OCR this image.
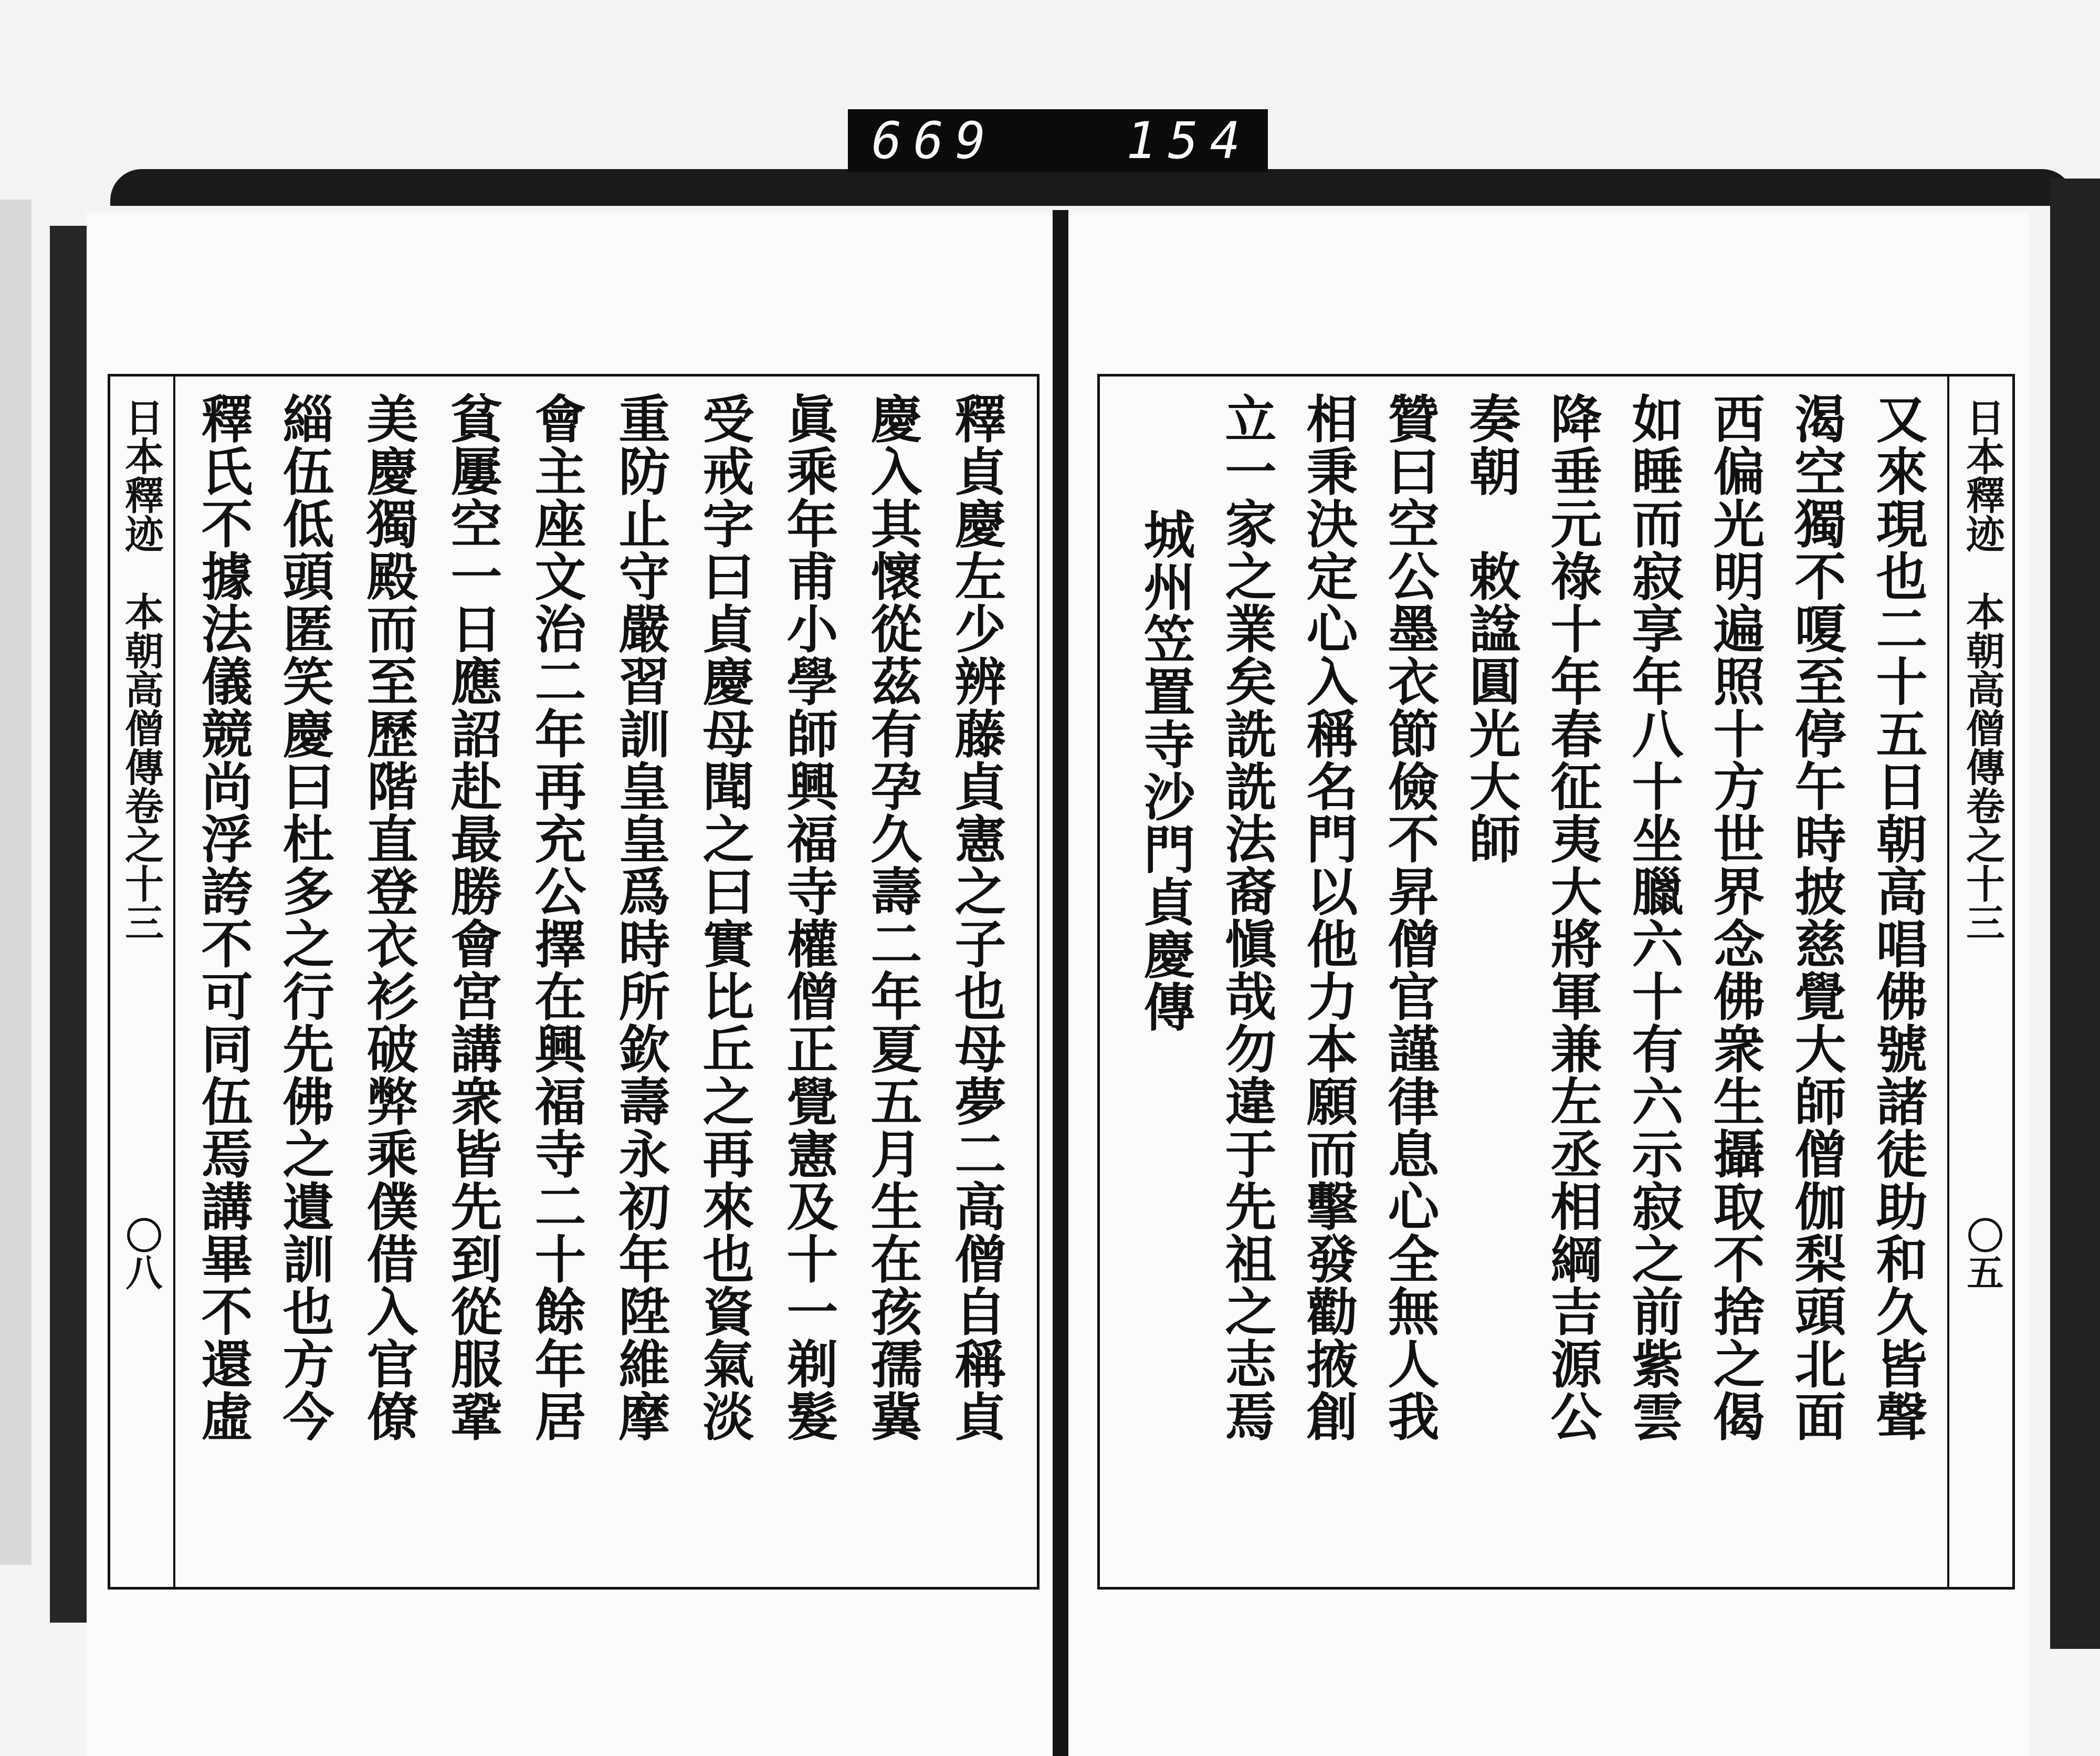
669	154
日本釋迹　本朝高僧傳卷之十三
〇八	釋貞慶左少辨藤貞憲之子也母夢二高僧自稱貞
慶入其懷從茲有孕久壽二年夏五月生在孩孺冀
眞乘年甫小學師興福寺權僧正覺憲及十一剃髮
受戒字曰貞慶母聞之曰實比丘之再來也資氣淡
重防止守嚴習訓皇皇爲時所欽壽永初年陞維摩
會主座文治二年再充公擇在興福寺二十餘年居
貧屢空一日應詔赴最勝會宮講衆皆先到從服鞏
美慶獨殿而至歷階直登衣衫破弊乘僕借入官僚
緇伍低頭匿笑慶曰杜多之行先佛之遺訓也方今
釋氏不據法儀競尚浮誇不可同伍焉講畢不還虛	日本釋迹　本朝高僧傳卷之十三
〇五
又來現也二十五日朝高唱佛號諸徒助和久皆聲
渴空獨不嗄至停午時披慈覺大師僧伽梨頭北面
西偏光明遍照十方世界念佛衆生攝取不捨之偈
如睡而寂享年八十坐臘六十有六示寂之前紫雲
降垂元祿十年春征夷大將軍兼左丞相綱吉源公
奏朝　敕諡圓光大師
贊曰空公墨衣節儉不昇僧官謹律息心全無人我
相秉決定心入稱名門以他力本願而擊發勸掖創
立一家之業矣詵詵法裔愼哉勿違于先祖之志焉
城州笠置寺沙門貞慶傳
